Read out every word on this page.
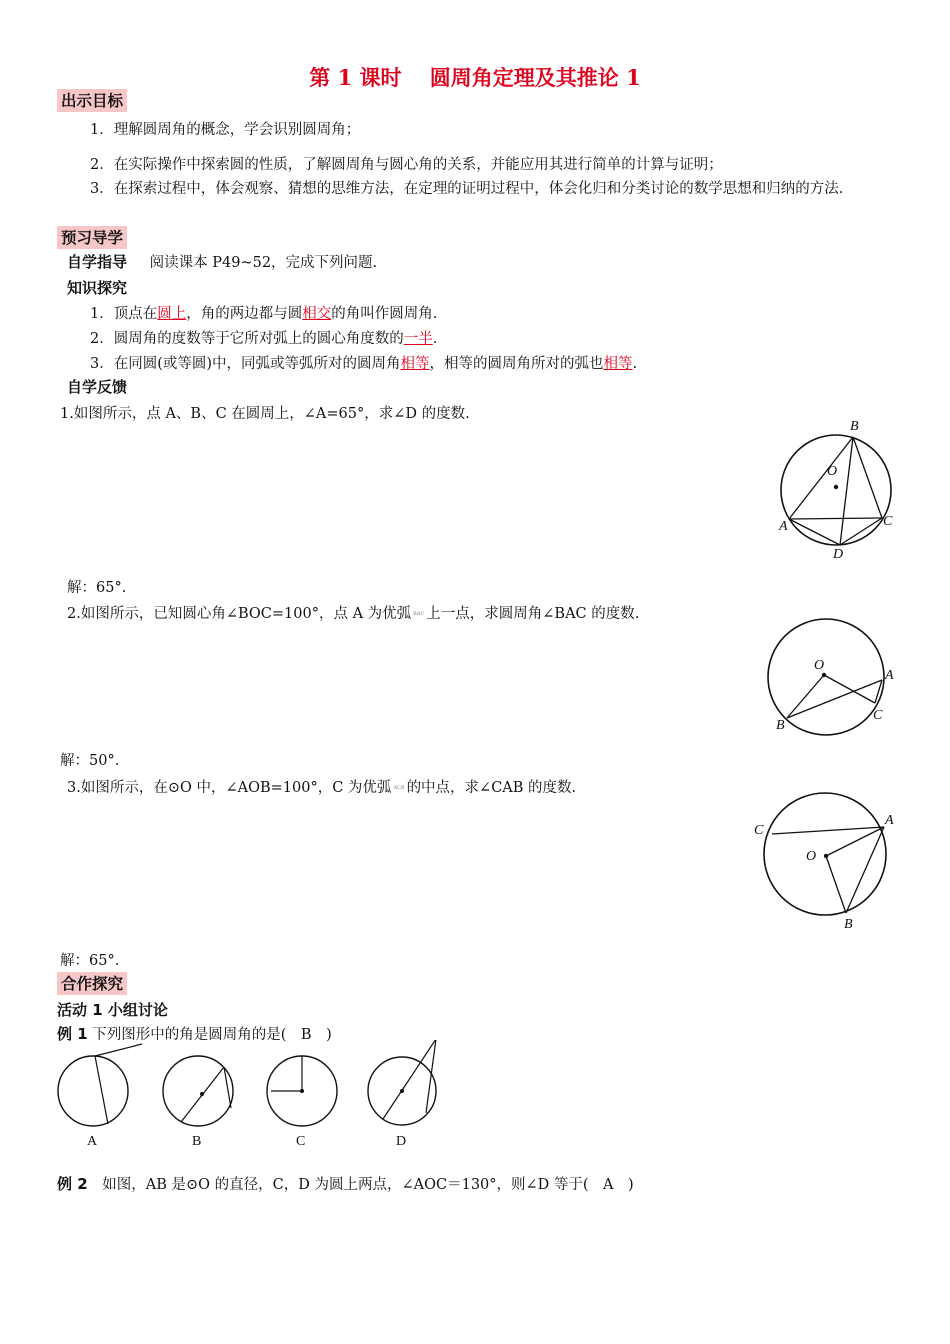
第 1 课时　 圆周角定理及其推论 1
出示目标
1．理解圆周角的概念，学会识别圆周角；
2．在实际操作中探索圆的性质，了解圆周角与圆心角的关系，并能应用其进行简单的计算与证明；
3．在探索过程中，体会观察、猜想的思维方法，在定理的证明过程中，体会化归和分类讨论的数学思想和归纳的方法.
预习导学
自学指导 阅读课本 P49~52，完成下列问题.
知识探究
1．顶点在圆上，角的两边都与圆相交的角叫作圆周角.
2．圆周角的度数等于它所对弧上的圆心角度数的一半.
3．在同圆(或等圆)中，同弧或等弧所对的圆周角相等，相等的圆周角所对的弧也相等.
自学反馈
1.如图所示，点 A、B、C 在圆周上，∠A=65°，求∠D 的度数.
B
O
A	C
D
解：65°.
2.如图所示，已知圆心角∠BOC=100°，点 A 为优弧 BAC 上一点，求圆周角∠BAC 的度数.
O
A
C
B
解：50°.
3.如图所示，在⊙O 中，∠AOB=100°，C 为优弧 ACB 的中点，求∠CAB 的度数.
C
A
O
B
解：65°.
合作探究
活动 1 小组讨论
例 1 下列图形中的角是圆周角的是(　B　)
A	B	C	D
例 2 如图，AB 是⊙O 的直径，C，D 为圆上两点，∠AOC＝130°，则∠D 等于(　A　)
